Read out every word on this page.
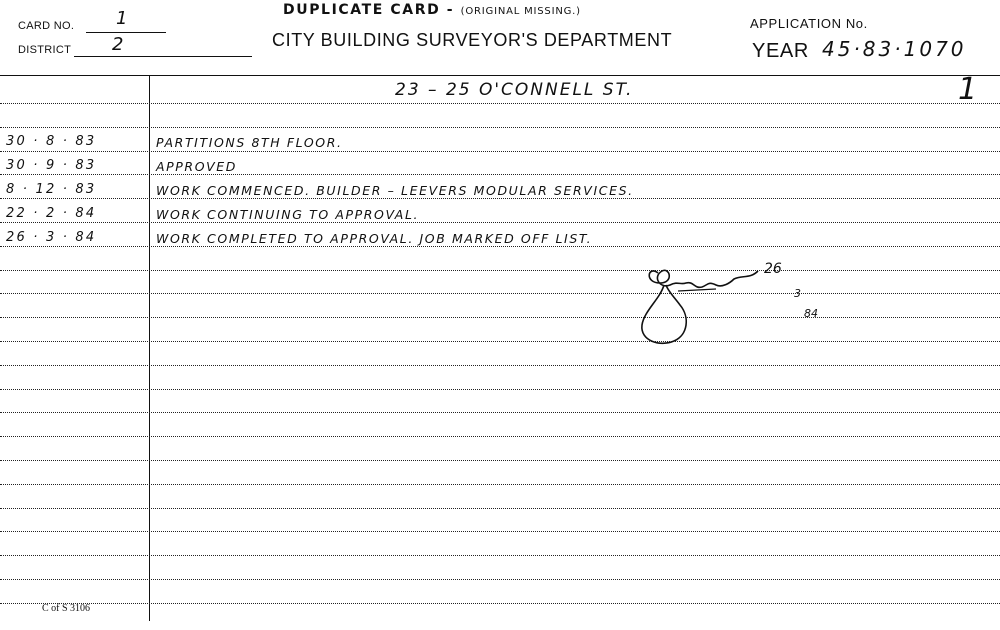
CARD NO. 1
DISTRICT 2
DUPLICATE CARD - (ORIGINAL MISSING.)
CITY BUILDING SURVEYOR'S DEPARTMENT
APPLICATION No.
YEAR 45·83·1070
23 – 25 O'CONNELL ST.	1
30 · 8 · 83	PARTITIONS 8TH FLOOR.
30 · 9 · 83	APPROVED
8 · 12 · 83	WORK COMMENCED. BUILDER – LEEVERS MODULAR SERVICES.
22 · 2 · 84	WORK CONTINUING TO APPROVAL.
26 · 3 · 84	WORK COMPLETED TO APPROVAL. JOB MARKED OFF LIST.
26
3
84
C of S 3106
